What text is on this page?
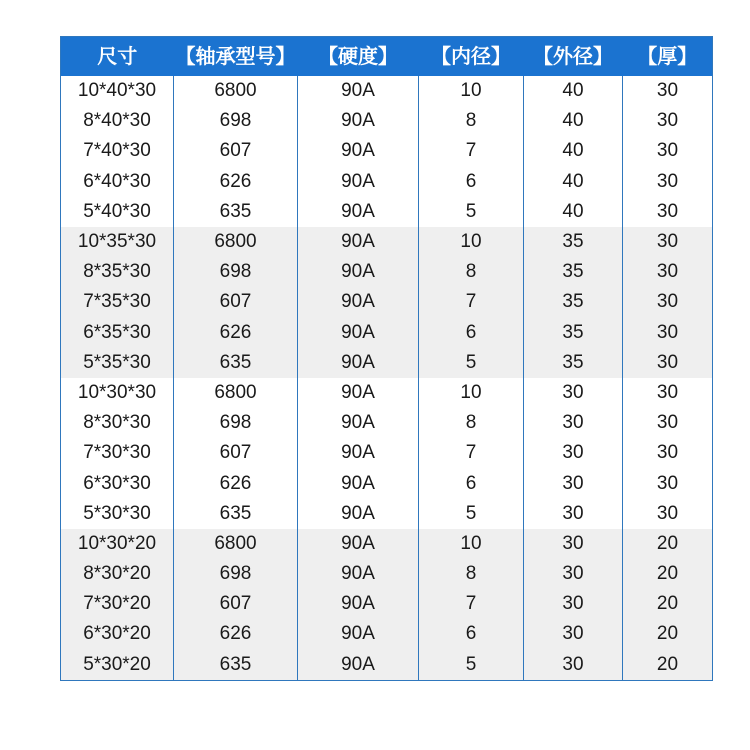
尺寸	【轴承型号】	【硬度】	【内径】	【外径】	【厚】
10*40*30	6800	90A	10	40	30
8*40*30	698	90A	8	40	30
7*40*30	607	90A	7	40	30
6*40*30	626	90A	6	40	30
5*40*30	635	90A	5	40	30
10*35*30	6800	90A	10	35	30
8*35*30	698	90A	8	35	30
7*35*30	607	90A	7	35	30
6*35*30	626	90A	6	35	30
5*35*30	635	90A	5	35	30
10*30*30	6800	90A	10	30	30
8*30*30	698	90A	8	30	30
7*30*30	607	90A	7	30	30
6*30*30	626	90A	6	30	30
5*30*30	635	90A	5	30	30
10*30*20	6800	90A	10	30	20
8*30*20	698	90A	8	30	20
7*30*20	607	90A	7	30	20
6*30*20	626	90A	6	30	20
5*30*20	635	90A	5	30	20
